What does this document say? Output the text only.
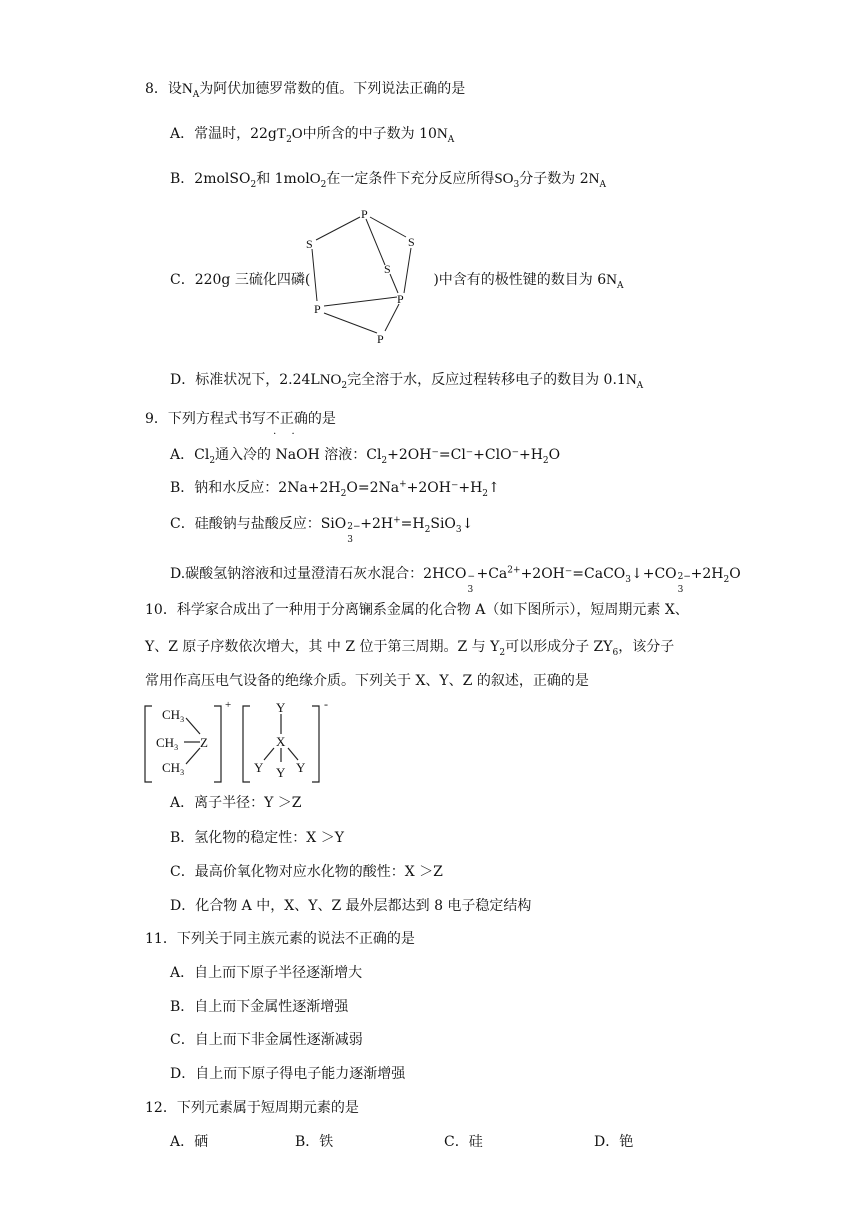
8．设$N_A$为阿伏加德罗常数的值。下列说法正确的是
A．常温时，$22gT_2O$中所含的中子数为 $10N_A$
B．2molSO$_2$和 1molO$_2$在一定条件下充分反应所得$SO_3$分子数为 $2N_A$
P
S	S
S
P
P
P
C．220g 三硫化四磷(	)中含有的极性键的数目为 $6N_A$
D．标准状况下，$2.24LNO_2$完全溶于水，反应过程转移电子的数目为 $0.1N_A$
9．下列方程式书写不正确 · ·的是
A．$Cl_2$通入冷的 NaOH 溶液：$Cl_2+2OH^-=Cl^-+ClO^-+H_2O$
B．钠和水反应：$2Na+2H_2O=2Na^++2OH^-+H_2↑$
C．硅酸钠与盐酸反应：SiO 2−
3
$+2H^+=H_2SiO_3↓$
D.碳酸氢钠溶液和过量澄清石灰水混合：2HCO −
3
$+Ca^{2+}+2OH^-=CaCO_3↓+CO$ 2−
3
$+2H_2O$
10．科学家合成出了一种用于分离镧系金属的化合物 A（如下图所示），短周期元素 X、
Y、Z 原子序数依次增大，其 中 Z 位于第三周期。Z 与 $Y_2$可以形成分子 $ZY_6$，该分子
常用作高压电气设备的绝缘介质。下列关于 X、Y、Z 的叙述，正确的是
$CH_3$
$CH_3$
$CH_3$
Z
+	Y
X
Y Y Y
-
A．离子半径：Y ＞Z
B．氢化物的稳定性：X ＞Y
C．最高价氧化物对应水化物的酸性：X ＞Z
D．化合物 A 中，X、Y、Z 最外层都达到 8 电子稳定结构
11．下列关于同主族元素的说法不正确的是
A．自上而下原子半径逐渐增大
B．自上而下金属性逐渐增强
C．自上而下非金属性逐渐减弱
D．自上而下原子得电子能力逐渐增强
12．下列元素属于短周期元素的是
A．硒	B．铁	C．硅	D．铯
